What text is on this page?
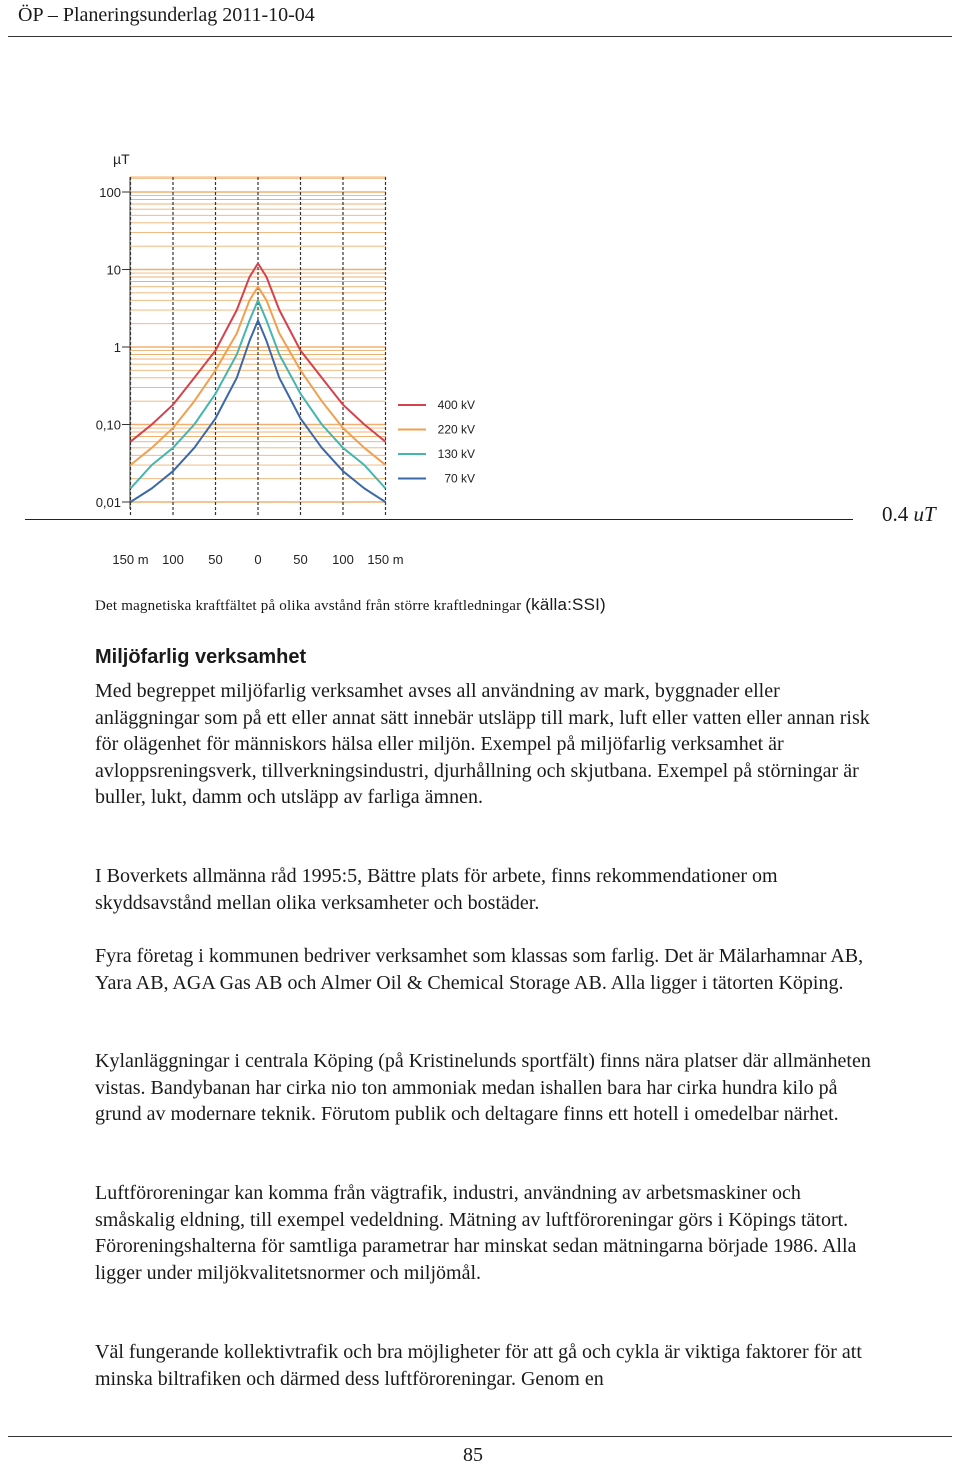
ÖP – Planeringsunderlag 2011-10-04
100
10
1
0,10
0,01
µT
150 m 100 50 0 50 100 150 m
400 kV
220 kV
130 kV
70 kV
0.4 uT
Det magnetiska kraftfältet på olika avstånd från större kraftledningar (källa:SSI)
Miljöfarlig verksamhet

Med begreppet miljöfarlig verksamhet avses all användning av mark, byggnader eller anläggningar som på ett eller annat sätt innebär utsläpp till mark, luft eller vatten eller annan risk för olägenhet för människors hälsa eller miljön. Exempel på miljöfarlig verksamhet är avloppsreningsverk, tillverkningsindustri, djurhållning och skjutbana. Exempel på störningar är buller, lukt, damm och utsläpp av farliga ämnen.

I Boverkets allmänna råd 1995:5, Bättre plats för arbete, finns rekommendationer om skyddsavstånd mellan olika verksamheter och bostäder.

Fyra företag i kommunen bedriver verksamhet som klassas som farlig. Det är Mälarhamnar AB, Yara AB, AGA Gas AB och Almer Oil & Chemical Storage AB. Alla ligger i tätorten Köping.

Kylanläggningar i centrala Köping (på Kristinelunds sportfält) finns nära platser där allmänheten vistas. Bandybanan har cirka nio ton ammoniak medan ishallen bara har cirka hundra kilo på grund av modernare teknik. Förutom publik och deltagare finns ett hotell i omedelbar närhet.

Luftföroreningar kan komma från vägtrafik, industri, användning av arbetsmaskiner och småskalig eldning, till exempel vedeldning. Mätning av luftföroreningar görs i Köpings tätort. Föroreningshalterna för samtliga parametrar har minskat sedan mätningarna började 1986. Alla ligger under miljökvalitetsnormer och miljömål.

Väl fungerande kollektivtrafik och bra möjligheter för att gå och cykla är viktiga faktorer för att minska biltrafiken och därmed dess luftföroreningar. Genom en

85
